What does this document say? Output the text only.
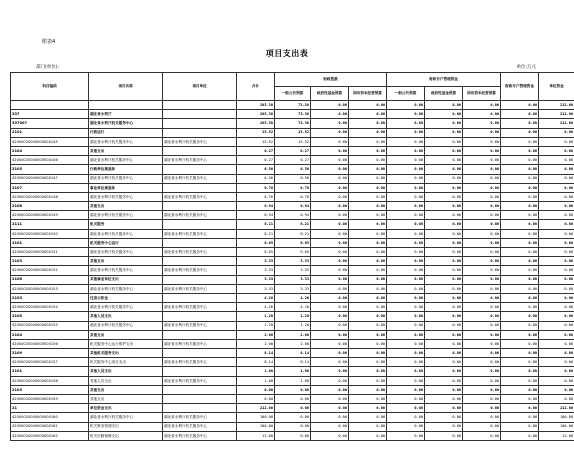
附表4
项目支出表
部门(单位):	单位:万元
科目编码	项目名称	项目单位	合计	财政拨款			财政专户管理资金			财政专户管理资金	单位资金
				一般公共预算	政府性基金预算	国有资本经营预算	一般公共预算	政府性基金预算	国有资本经营预算		
			285.38	73.38	0.00	0.00	0.00	0.00	0.00	0.00	212.00
337	湖北省水利厅		285.38	73.38	0.00	0.00	0.00	0.00	0.00	0.00	212.00
337007	湖北省水利厅机关服务中心		285.38	73.38	0.00	0.00	0.00	0.00	0.00	0.00	212.00
2101	行政运行		15.52	15.52	0.00	0.00	0.00	0.00	0.00	0.00	0.00
42000020000000000145	湖北省水利厅机关服务中心	湖北省水利厅机关服务中心	15.52	15.52	0.00	0.00	0.00	0.00	0.00	0.00	0.00
2104	其他支出		0.27	0.27	0.00	0.00	0.00	0.00	0.00	0.00	0.00
42000020000000000146	湖北省水利厅机关服务中心	湖北省水利厅机关服务中心	0.27	0.27	0.00	0.00	0.00	0.00	0.00	0.00	0.00
2105	行政单位离退休		0.56	0.56	0.00	0.00	0.00	0.00	0.00	0.00	0.00
42000020000000000147	湖北省水利厅机关服务中心	湖北省水利厅机关服务中心	0.56	0.56	0.00	0.00	0.00	0.00	0.00	0.00	0.00
2107	事业单位离退休		0.76	0.76	0.00	0.00	0.00	0.00	0.00	0.00	0.00
42000020000000000148	湖北省水利厅机关服务中心	湖北省水利厅机关服务中心	0.76	0.76	0.00	0.00	0.00	0.00	0.00	0.00	0.00
2108	其他支出		0.94	0.94	0.00	0.00	0.00	0.00	0.00	0.00	0.00
42000020000000000149	湖北省水利厅机关服务中心	湖北省水利厅机关服务中心	0.94	0.94	0.00	0.00	0.00	0.00	0.00	0.00	0.00
2111	机关服务		8.21	8.21	0.00	0.00	0.00	0.00	0.00	0.00	0.00
42000020000000000150	湖北省水利厅机关服务中心	湖北省水利厅机关服务中心	8.21	8.21	0.00	0.00	0.00	0.00	0.00	0.00	0.00
2101	机关服务中心运行		6.65	6.65	0.00	0.00	0.00	0.00	0.00	0.00	0.00
42000020000000000151	湖北省水利厅机关服务中心	湖北省水利厅机关服务中心	6.65	6.65	0.00	0.00	0.00	0.00	0.00	0.00	0.00
2103	其他支出		3.33	3.33	0.00	0.00	0.00	0.00	0.00	0.00	0.00
42000020000000000152	湖北省水利厅机关服务中心	湖北省水利厅机关服务中心	3.33	3.33	0.00	0.00	0.00	0.00	0.00	0.00	0.00
2106	其他事业单位支出		3.33	3.33	0.00	0.00	0.00	0.00	0.00	0.00	0.00
42000020000000000153	湖北省水利厅机关服务中心	湖北省水利厅机关服务中心	3.33	3.33	0.00	0.00	0.00	0.00	0.00	0.00	0.00
2103	住房公积金		4.26	4.26	0.00	0.00	0.00	0.00	0.00	0.00	0.00
42000020000000000154	湖北省水利厅机关服务中心	湖北省水利厅机关服务中心	4.26	4.26	0.00	0.00	0.00	0.00	0.00	0.00	0.00
2105	其他人员支出		1.20	1.20	0.00	0.00	0.00	0.00	0.00	0.00	0.00
42000020000000000155	湖北省水利厅机关服务中心	湖北省水利厅机关服务中心	1.20	1.20	0.00	0.00	0.00	0.00	0.00	0.00	0.00
2104	其他支出		2.00	2.00	0.00	0.00	0.00	0.00	0.00	0.00	0.00
42000020000000000156	机关服务中心运行维护支出	湖北省水利厅机关服务中心	2.00	2.00	0.00	0.00	0.00	0.00	0.00	0.00	0.00
2109	其他机关服务支出		8.14	8.14	0.00	0.00	0.00	0.00	0.00	0.00	0.00
42000020000000000157	机关服务中心项目支出	湖北省水利厅机关服务中心	8.14	8.14	0.00	0.00	0.00	0.00	0.00	0.00	0.00
2101	其他人员支出		1.00	1.00	0.00	0.00	0.00	0.00	0.00	0.00	0.00
42000020000000000158	其他人员支出	湖北省水利厅机关服务中心	1.00	1.00	0.00	0.00	0.00	0.00	0.00	0.00	0.00
2103	其他支出		0.00	0.00	0.00	0.00	0.00	0.00	0.00	0.00	0.00
42000020000000000159	其他支出		0.00	0.00	0.00	0.00	0.00	0.00	0.00	0.00	0.00
21	单位资金支出		212.00	0.00	0.00	0.00	0.00	0.00	0.00	0.00	212.00
42000020000000000160	湖北省水利厅机关服务中心	湖北省水利厅机关服务中心	100.00	0.00	0.00	0.00	0.00	0.00	0.00	0.00	100.00
42000020000000000161	机关事务管理支出	湖北省水利厅机关服务中心	100.00	0.00	0.00	0.00	0.00	0.00	0.00	0.00	100.00
42000020000000000162	机关后勤保障支出	湖北省水利厅机关服务中心	12.00	0.00	0.00	0.00	0.00	0.00	0.00	0.00	12.00
